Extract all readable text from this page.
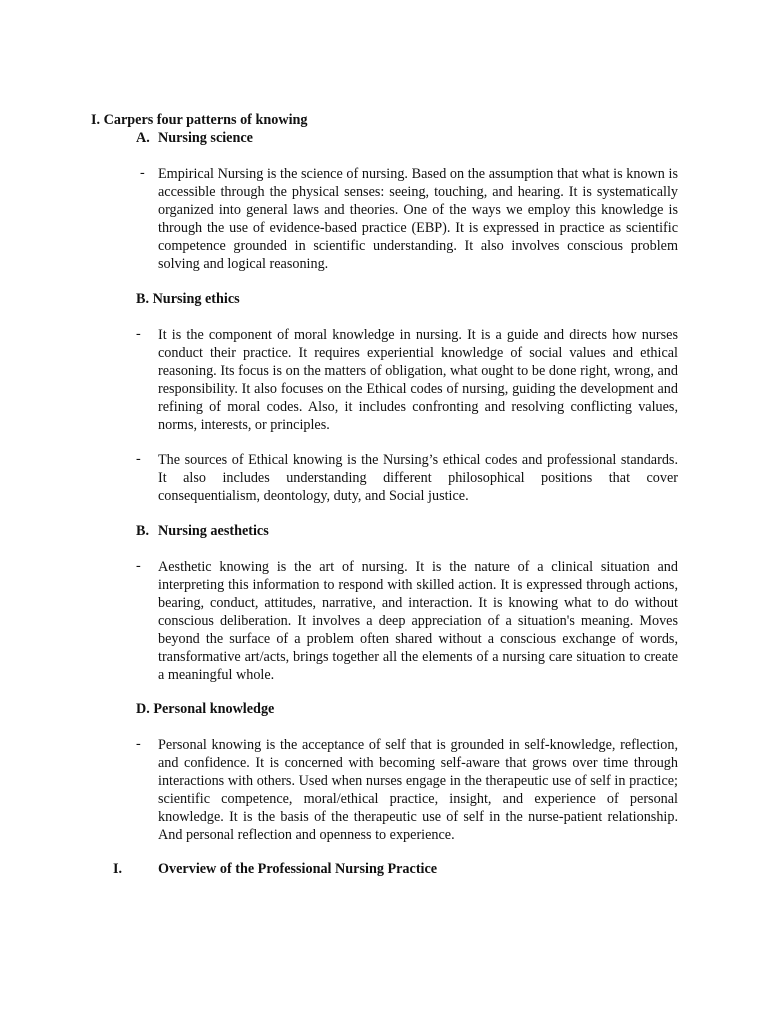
I. Carpers four patterns of knowing
A. Nursing science
- Empirical Nursing is the science of nursing. Based on the assumption that what is known is accessible through the physical senses: seeing, touching, and hearing. It is systematically organized into general laws and theories. One of the ways we employ this knowledge is through the use of evidence-based practice (EBP). It is expressed in practice as scientific competence grounded in scientific understanding. It also involves conscious problem solving and logical reasoning.

B. Nursing ethics
- It is the component of moral knowledge in nursing. It is a guide and directs how nurses conduct their practice. It requires experiential knowledge of social values and ethical reasoning. Its focus is on the matters of obligation, what ought to be done right, wrong, and responsibility. It also focuses on the Ethical codes of nursing, guiding the development and refining of moral codes. Also, it includes confronting and resolving conflicting values, norms, interests, or principles.

- The sources of Ethical knowing is the Nursing’s ethical codes and professional standards. It also includes understanding different philosophical positions that cover consequentialism, deontology, duty, and Social justice.

B. Nursing aesthetics
- Aesthetic knowing is the art of nursing. It is the nature of a clinical situation and interpreting this information to respond with skilled action. It is expressed through actions, bearing, conduct, attitudes, narrative, and interaction. It is knowing what to do without conscious deliberation. It involves a deep appreciation of a situation's meaning. Moves beyond the surface of a problem often shared without a conscious exchange of words, transformative art/acts, brings together all the elements of a nursing care situation to create a meaningful whole.

D. Personal knowledge
- Personal knowing is the acceptance of self that is grounded in self-knowledge, reflection, and confidence. It is concerned with becoming self-aware that grows over time through interactions with others. Used when nurses engage in the therapeutic use of self in practice; scientific competence, moral/ethical practice, insight, and experience of personal knowledge. It is the basis of the therapeutic use of self in the nurse-patient relationship. And personal reflection and openness to experience.

I.	Overview of the Professional Nursing Practice
